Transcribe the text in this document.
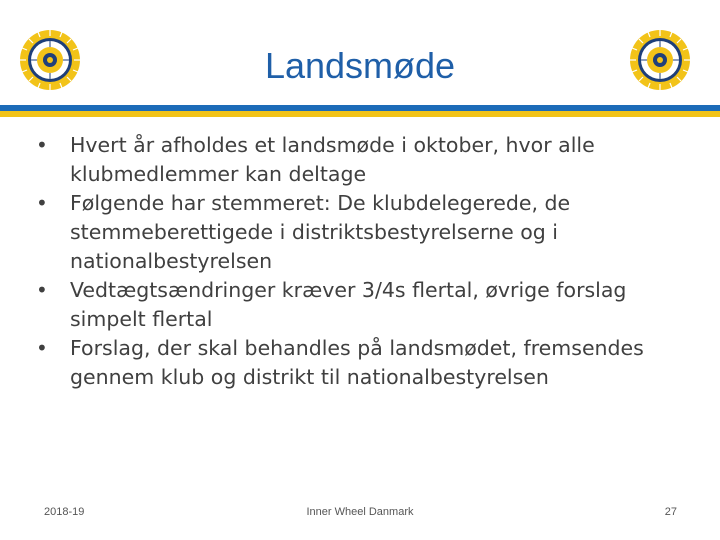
Landsmøde
• Hvert år afholdes et landsmøde i oktober, hvor alle klubmedlemmer kan deltage
• Følgende har stemmeret: De klubdelegerede, de stemmeberettigede i distriktsbestyrelserne og i nationalbestyrelsen
• Vedtægtsændringer kræver 3/4s flertal, øvrige forslag simpelt flertal
• Forslag, der skal behandles på landsmødet, fremsendes gennem klub og distrikt til nationalbestyrelsen
2018-19	Inner Wheel Danmark	27
